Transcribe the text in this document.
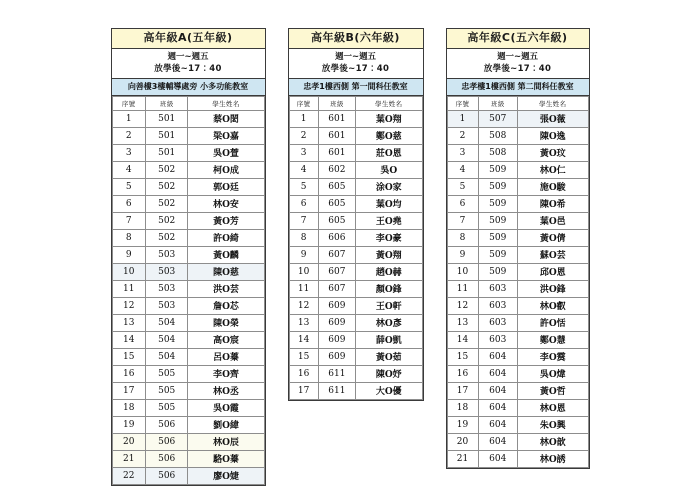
高年級A(五年級)
週一~週五
放學後~17：40
向善樓3樓輔導處旁 小多功能教室
序號	班級	學生姓名
1	501	蔡O閎
2	501	梁O嘉
3	501	吳O萱
4	502	柯O成
5	502	郭O廷
6	502	林O安
7	502	黃O芳
8	502	許O綺
9	503	黃O麟
10	503	陳O慈
11	503	洪O芸
12	503	詹O芯
13	504	陳O榮
14	504	高O宸
15	504	呂O蓁
16	505	李O齊
17	505	林O丞
18	505	吳O霞
19	506	劉O緯
20	506	林O辰
21	506	駱O蓁
22	506	廖O婕
高年級B(六年級)
週一~週五
放學後~17：40
忠孝1樓西側 第一間科任教室
序號	班級	學生姓名
1	601	葉O翔
2	601	鄭O慈
3	601	莊O恩
4	602	吳O
5	605	涂O家
6	605	葉O均
7	605	王O堯
8	606	李O豪
9	607	黃O翔
10	607	趙O赫
11	607	顏O鋒
12	609	王O軒
13	609	林O彥
14	609	薛O凱
15	609	黃O茹
16	611	陳O妤
17	611	大O優
高年級C(五六年級)
週一~週五
放學後~17：40
忠孝樓1樓西側 第二間科任教室
序號	班級	學生姓名
1	507	張O薇
2	508	陳O逸
3	508	黃O玟
4	509	林O仁
5	509	施O駿
6	509	陳O希
7	509	葉O邑
8	509	黃O倩
9	509	蘇O芸
10	509	邱O恩
11	603	洪O鋒
12	603	林O叡
13	603	許O恬
14	603	鄭O慧
15	604	李O霙
16	604	吳O煒
17	604	黃O哲
18	604	林O恩
19	604	朱O興
20	604	林O歆
21	604	林O誘
